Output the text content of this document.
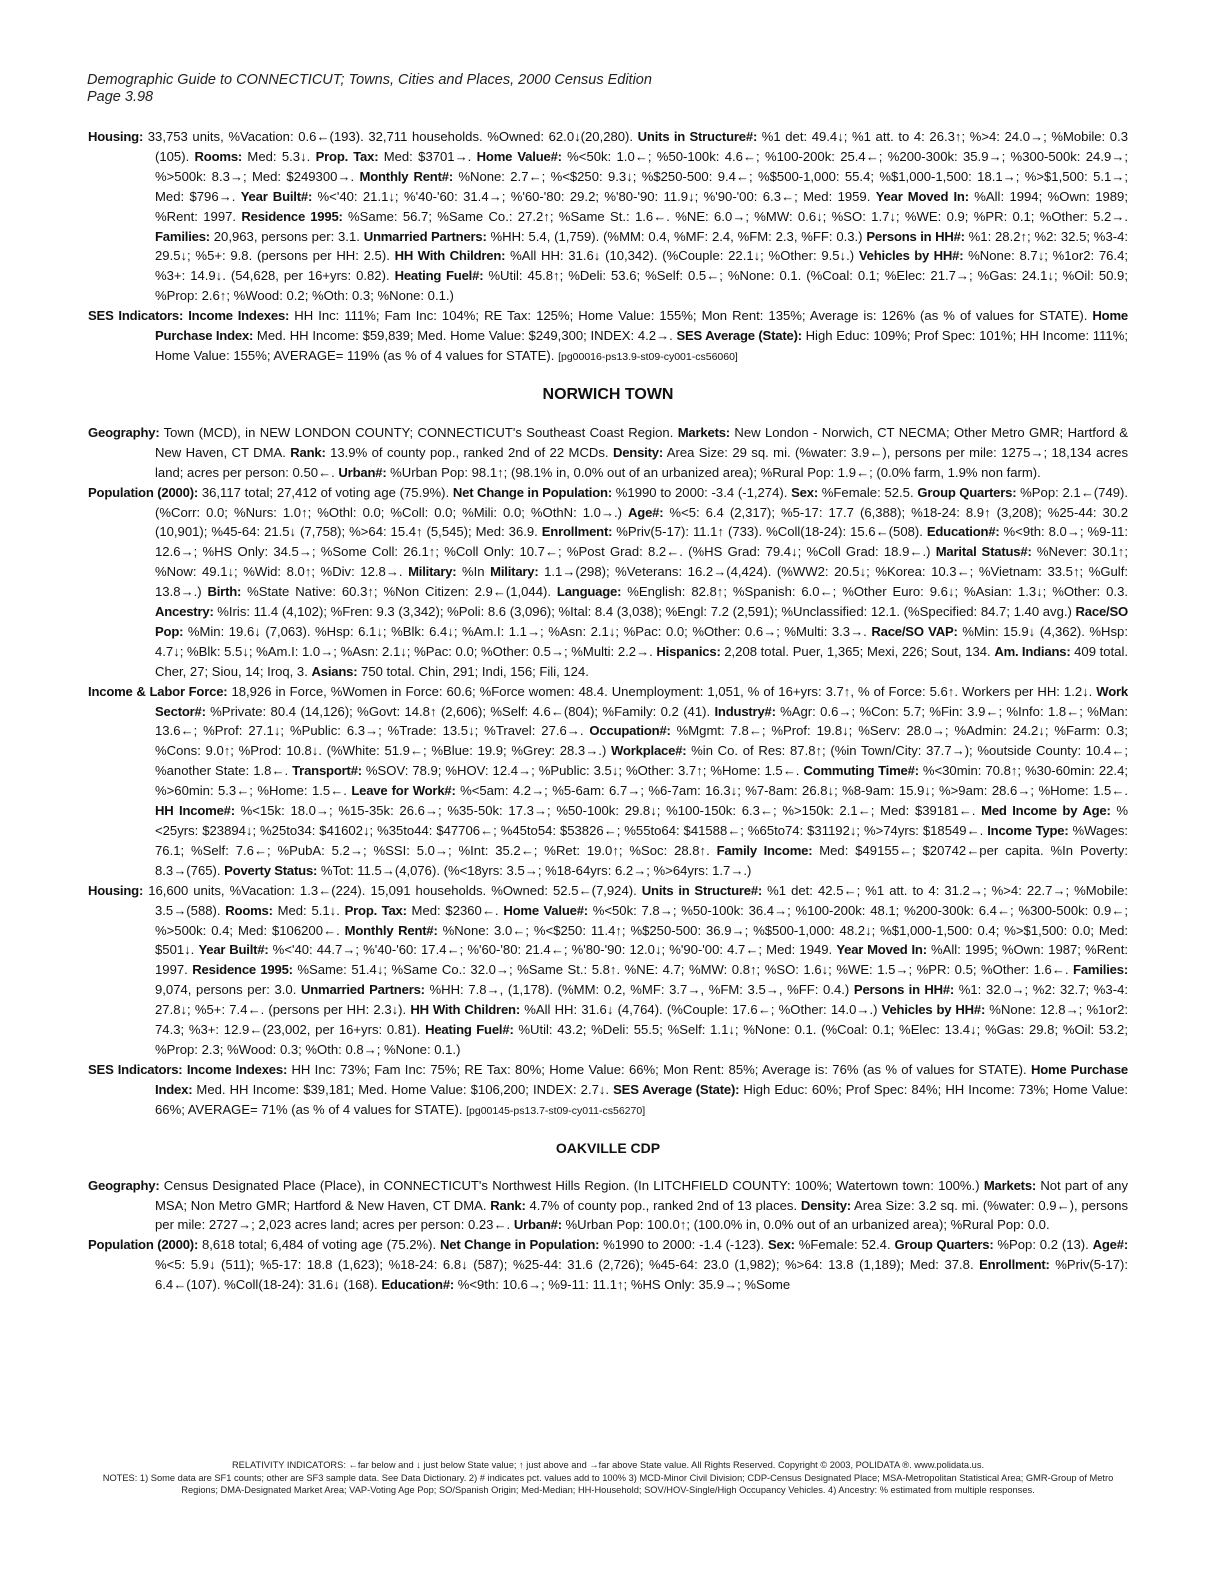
Demographic Guide to CONNECTICUT; Towns, Cities and Places, 2000 Census Edition
Page 3.98

Housing: 33,753 units, %Vacation: 0.6←(193). 32,711 households. %Owned: 62.0↓(20,280). Units in Structure#: %1 det: 49.4↓; %1 att. to 4: 26.3↑; %>4: 24.0→; %Mobile: 0.3 (105). Rooms: Med: 5.3↓. Prop. Tax: Med: $3701→. Home Value#: %<50k: 1.0←; %50-100k: 4.6←; %100-200k: 25.4←; %200-300k: 35.9→; %300-500k: 24.9→; %>500k: 8.3→; Med: $249300→. Monthly Rent#: %None: 2.7←; %<$250: 9.3↓; %$250-500: 9.4←; %$500-1,000: 55.4; %$1,000-1,500: 18.1→; %>$1,500: 5.1→; Med: $796→. Year Built#: %<'40: 21.1↓; %'40-'60: 31.4→; %'60-'80: 29.2; %'80-'90: 11.9↓; %'90-'00: 6.3←; Med: 1959. Year Moved In: %All: 1994; %Own: 1989; %Rent: 1997. Residence 1995: %Same: 56.7; %Same Co.: 27.2↑; %Same St.: 1.6←. %NE: 6.0→; %MW: 0.6↓; %SO: 1.7↓; %WE: 0.9; %PR: 0.1; %Other: 5.2→. Families: 20,963, persons per: 3.1. Unmarried Partners: %HH: 5.4, (1,759). (%MM: 0.4, %MF: 2.4, %FM: 2.3, %FF: 0.3.) Persons in HH#: %1: 28.2↑; %2: 32.5; %3-4: 29.5↓; %5+: 9.8. (persons per HH: 2.5). HH With Children: %All HH: 31.6↓ (10,342). (%Couple: 22.1↓; %Other: 9.5↓.) Vehicles by HH#: %None: 8.7↓; %1or2: 76.4; %3+: 14.9↓. (54,628, per 16+yrs: 0.82). Heating Fuel#: %Util: 45.8↑; %Deli: 53.6; %Self: 0.5←; %None: 0.1. (%Coal: 0.1; %Elec: 21.7→; %Gas: 24.1↓; %Oil: 50.9; %Prop: 2.6↑; %Wood: 0.2; %Oth: 0.3; %None: 0.1.)

SES Indicators: Income Indexes: HH Inc: 111%; Fam Inc: 104%; RE Tax: 125%; Home Value: 155%; Mon Rent: 135%; Average is: 126% (as % of values for STATE). Home Purchase Index: Med. HH Income: $59,839; Med. Home Value: $249,300; INDEX: 4.2→. SES Average (State): High Educ: 109%; Prof Spec: 101%; HH Income: 111%; Home Value: 155%; AVERAGE= 119% (as % of 4 values for STATE). [pg00016-ps13.9-st09-cy001-cs56060]

NORWICH TOWN

Geography: Town (MCD), in NEW LONDON COUNTY; CONNECTICUT's Southeast Coast Region. Markets: New London - Norwich, CT NECMA; Other Metro GMR; Hartford & New Haven, CT DMA. Rank: 13.9% of county pop., ranked 2nd of 22 MCDs. Density: Area Size: 29 sq. mi. (%water: 3.9←), persons per mile: 1275→; 18,134 acres land; acres per person: 0.50←. Urban#: %Urban Pop: 98.1↑; (98.1% in, 0.0% out of an urbanized area); %Rural Pop: 1.9←; (0.0% farm, 1.9% non farm).

Population (2000): 36,117 total; 27,412 of voting age (75.9%). Net Change in Population: %1990 to 2000: -3.4 (-1,274). Sex: %Female: 52.5. Group Quarters: %Pop: 2.1←(749). (%Corr: 0.0; %Nurs: 1.0↑; %Othl: 0.0; %Coll: 0.0; %Mili: 0.0; %OthN: 1.0→.) Age#: %<5: 6.4 (2,317); %5-17: 17.7 (6,388); %18-24: 8.9↑ (3,208); %25-44: 30.2 (10,901); %45-64: 21.5↓ (7,758); %>64: 15.4↑ (5,545); Med: 36.9. Enrollment: %Priv(5-17): 11.1↑ (733). %Coll(18-24): 15.6←(508). Education#: %<9th: 8.0→; %9-11: 12.6→; %HS Only: 34.5→; %Some Coll: 26.1↑; %Coll Only: 10.7←; %Post Grad: 8.2←. (%HS Grad: 79.4↓; %Coll Grad: 18.9←.) Marital Status#: %Never: 30.1↑; %Now: 49.1↓; %Wid: 8.0↑; %Div: 12.8→. Military: %In Military: 1.1→(298); %Veterans: 16.2→(4,424). (%WW2: 20.5↓; %Korea: 10.3←; %Vietnam: 33.5↑; %Gulf: 13.8→.) Birth: %State Native: 60.3↑; %Non Citizen: 2.9←(1,044). Language: %English: 82.8↑; %Spanish: 6.0←; %Other Euro: 9.6↓; %Asian: 1.3↓; %Other: 0.3. Ancestry: %Iris: 11.4 (4,102); %Fren: 9.3 (3,342); %Poli: 8.6 (3,096); %Ital: 8.4 (3,038); %Engl: 7.2 (2,591); %Unclassified: 12.1. (%Specified: 84.7; 1.40 avg.) Race/SO Pop: %Min: 19.6↓ (7,063). %Hsp: 6.1↓; %Blk: 6.4↓; %Am.I: 1.1→; %Asn: 2.1↓; %Pac: 0.0; %Other: 0.6→; %Multi: 3.3→. Race/SO VAP: %Min: 15.9↓ (4,362). %Hsp: 4.7↓; %Blk: 5.5↓; %Am.I: 1.0→; %Asn: 2.1↓; %Pac: 0.0; %Other: 0.5→; %Multi: 2.2→. Hispanics: 2,208 total. Puer, 1,365; Mexi, 226; Sout, 134. Am. Indians: 409 total. Cher, 27; Siou, 14; Iroq, 3. Asians: 750 total. Chin, 291; Indi, 156; Fili, 124.

Income & Labor Force: 18,926 in Force, %Women in Force: 60.6; %Force women: 48.4. Unemployment: 1,051, % of 16+yrs: 3.7↑, % of Force: 5.6↑. Workers per HH: 1.2↓. Work Sector#: %Private: 80.4 (14,126); %Govt: 14.8↑ (2,606); %Self: 4.6←(804); %Family: 0.2 (41). Industry#: %Agr: 0.6→; %Con: 5.7; %Fin: 3.9←; %Info: 1.8←; %Man: 13.6←; %Prof: 27.1↓; %Public: 6.3→; %Trade: 13.5↓; %Travel: 27.6→. Occupation#: %Mgmt: 7.8←; %Prof: 19.8↓; %Serv: 28.0→; %Admin: 24.2↓; %Farm: 0.3; %Cons: 9.0↑; %Prod: 10.8↓. (%White: 51.9←; %Blue: 19.9; %Grey: 28.3→.) Workplace#: %in Co. of Res: 87.8↑; (%in Town/City: 37.7→); %outside County: 10.4←; %another State: 1.8←. Transport#: %SOV: 78.9; %HOV: 12.4→; %Public: 3.5↓; %Other: 3.7↑; %Home: 1.5←. Commuting Time#: %<30min: 70.8↑; %30-60min: 22.4; %>60min: 5.3←; %Home: 1.5←. Leave for Work#: %<5am: 4.2→; %5-6am: 6.7→; %6-7am: 16.3↓; %7-8am: 26.8↓; %8-9am: 15.9↓; %>9am: 28.6→; %Home: 1.5←. HH Income#: %<15k: 18.0→; %15-35k: 26.6→; %35-50k: 17.3→; %50-100k: 29.8↓; %100-150k: 6.3←; %>150k: 2.1←; Med: $39181←. Med Income by Age: %<25yrs: $23894↓; %25to34: $41602↓; %35to44: $47706←; %45to54: $53826←; %55to64: $41588←; %65to74: $31192↓; %>74yrs: $18549←. Income Type: %Wages: 76.1; %Self: 7.6←; %PubA: 5.2→; %SSI: 5.0→; %Int: 35.2←; %Ret: 19.0↑; %Soc: 28.8↑. Family Income: Med: $49155←; $20742←per capita. %In Poverty: 8.3→(765). Poverty Status: %Tot: 11.5→(4,076). (%<18yrs: 3.5→; %18-64yrs: 6.2→; %>64yrs: 1.7→.)

Housing: 16,600 units, %Vacation: 1.3←(224). 15,091 households. %Owned: 52.5←(7,924). Units in Structure#: %1 det: 42.5←; %1 att. to 4: 31.2→; %>4: 22.7→; %Mobile: 3.5→(588). Rooms: Med: 5.1↓. Prop. Tax: Med: $2360←. Home Value#: %<50k: 7.8→; %50-100k: 36.4→; %100-200k: 48.1; %200-300k: 6.4←; %300-500k: 0.9←; %>500k: 0.4; Med: $106200←. Monthly Rent#: %None: 3.0←; %<$250: 11.4↑; %$250-500: 36.9→; %$500-1,000: 48.2↓; %$1,000-1,500: 0.4; %>$1,500: 0.0; Med: $501↓. Year Built#: %<'40: 44.7→; %'40-'60: 17.4←; %'60-'80: 21.4←; %'80-'90: 12.0↓; %'90-'00: 4.7←; Med: 1949. Year Moved In: %All: 1995; %Own: 1987; %Rent: 1997. Residence 1995: %Same: 51.4↓; %Same Co.: 32.0→; %Same St.: 5.8↑. %NE: 4.7; %MW: 0.8↑; %SO: 1.6↓; %WE: 1.5→; %PR: 0.5; %Other: 1.6←. Families: 9,074, persons per: 3.0. Unmarried Partners: %HH: 7.8→, (1,178). (%MM: 0.2, %MF: 3.7→, %FM: 3.5→, %FF: 0.4.) Persons in HH#: %1: 32.0→; %2: 32.7; %3-4: 27.8↓; %5+: 7.4←. (persons per HH: 2.3↓). HH With Children: %All HH: 31.6↓ (4,764). (%Couple: 17.6←; %Other: 14.0→.) Vehicles by HH#: %None: 12.8→; %1or2: 74.3; %3+: 12.9←(23,002, per 16+yrs: 0.81). Heating Fuel#: %Util: 43.2; %Deli: 55.5; %Self: 1.1↓; %None: 0.1. (%Coal: 0.1; %Elec: 13.4↓; %Gas: 29.8; %Oil: 53.2; %Prop: 2.3; %Wood: 0.3; %Oth: 0.8→; %None: 0.1.)

SES Indicators: Income Indexes: HH Inc: 73%; Fam Inc: 75%; RE Tax: 80%; Home Value: 66%; Mon Rent: 85%; Average is: 76% (as % of values for STATE). Home Purchase Index: Med. HH Income: $39,181; Med. Home Value: $106,200; INDEX: 2.7↓. SES Average (State): High Educ: 60%; Prof Spec: 84%; HH Income: 73%; Home Value: 66%; AVERAGE= 71% (as % of 4 values for STATE). [pg00145-ps13.7-st09-cy011-cs56270]

OAKVILLE CDP

Geography: Census Designated Place (Place), in CONNECTICUT's Northwest Hills Region. (In LITCHFIELD COUNTY: 100%; Watertown town: 100%.) Markets: Not part of any MSA; Non Metro GMR; Hartford & New Haven, CT DMA. Rank: 4.7% of county pop., ranked 2nd of 13 places. Density: Area Size: 3.2 sq. mi. (%water: 0.9←), persons per mile: 2727→; 2,023 acres land; acres per person: 0.23←. Urban#: %Urban Pop: 100.0↑; (100.0% in, 0.0% out of an urbanized area); %Rural Pop: 0.0.

Population (2000): 8,618 total; 6,484 of voting age (75.2%). Net Change in Population: %1990 to 2000: -1.4 (-123). Sex: %Female: 52.4. Group Quarters: %Pop: 0.2 (13). Age#: %<5: 5.9↓ (511); %5-17: 18.8 (1,623); %18-24: 6.8↓ (587); %25-44: 31.6 (2,726); %45-64: 23.0 (1,982); %>64: 13.8 (1,189); Med: 37.8. Enrollment: %Priv(5-17): 6.4←(107). %Coll(18-24): 31.6↓ (168). Education#: %<9th: 10.6→; %9-11: 11.1↑; %HS Only: 35.9→; %Some

RELATIVITY INDICATORS: ←far below and ↓ just below State value; ↑ just above and →far above State value. All Rights Reserved. Copyright © 2003, POLIDATA ®. www.polidata.us.
NOTES: 1) Some data are SF1 counts; other are SF3 sample data. See Data Dictionary. 2) # indicates pct. values add to 100% 3) MCD-Minor Civil Division; CDP-Census Designated Place; MSA-Metropolitan Statistical Area; GMR-Group of Metro Regions; DMA-Designated Market Area; VAP-Voting Age Pop; SO/Spanish Origin; Med-Median; HH-Household; SOV/HOV-Single/High Occupancy Vehicles. 4) Ancestry: % estimated from multiple responses.
